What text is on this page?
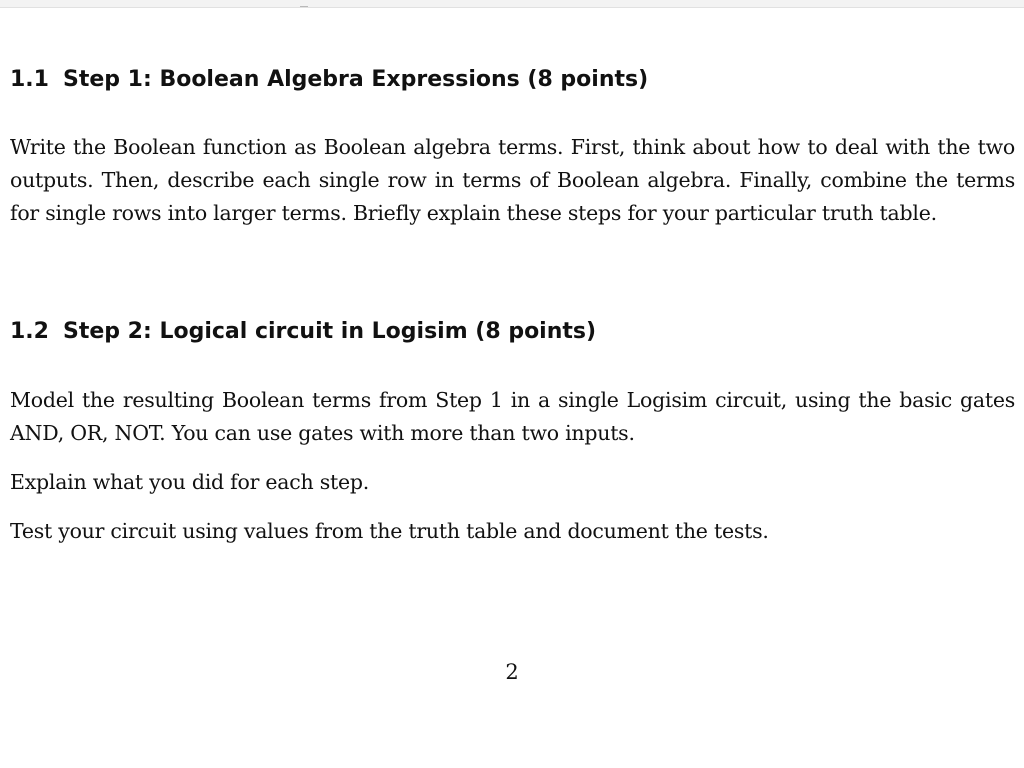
1.1 Step 1: Boolean Algebra Expressions (8 points)

Write the Boolean function as Boolean algebra terms. First, think about how to deal with the two outputs. Then, describe each single row in terms of Boolean algebra. Finally, combine the terms for single rows into larger terms. Briefly explain these steps for your particular truth table.

1.2 Step 2: Logical circuit in Logisim (8 points)

Model the resulting Boolean terms from Step 1 in a single Logisim circuit, using the basic gates AND, OR, NOT. You can use gates with more than two inputs.

Explain what you did for each step.

Test your circuit using values from the truth table and document the tests.

2
